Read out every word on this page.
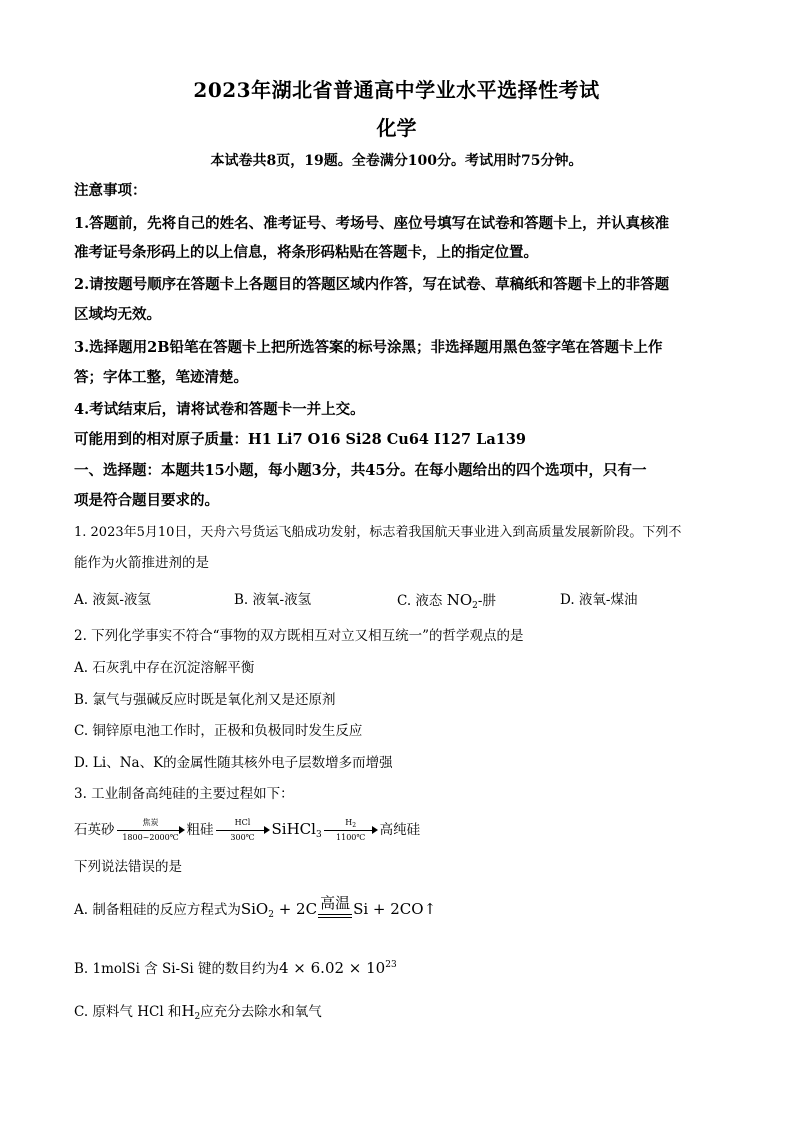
2023年湖北省普通高中学业水平选择性考试
化学
本试卷共8页，19题。全卷满分100分。考试用时75分钟。
注意事项：
1.答题前，先将自己的姓名、准考证号、考场号、座位号填写在试卷和答题卡上，并认真核准
准考证号条形码上的以上信息，将条形码粘贴在答题卡，上的指定位置。
2.请按题号顺序在答题卡上各题目的答题区域内作答，写在试卷、草稿纸和答题卡上的非答题
区域均无效。
3.选择题用2B铅笔在答题卡上把所选答案的标号涂黑；非选择题用黑色签字笔在答题卡上作
答；字体工整，笔迹清楚。
4.考试结束后，请将试卷和答题卡一并上交。
可能用到的相对原子质量：H1 Li7 O16 Si28 Cu64 I127 La139
一、选择题：本题共15小题，每小题3分，共45分。在每小题给出的四个选项中，只有一
项是符合题目要求的。
1. 2023年5月10日，天舟六号货运飞船成功发射，标志着我国航天事业进入到高质量发展新阶段。下列不
能作为火箭推进剂的是
A. 液氮-液氢	B. 液氧-液氢	C. 液态 $NO_2-$肼	D. 液氧-煤油
2. 下列化学事实不符合“事物的双方既相互对立又相互统一”的哲学观点的是
A. 石灰乳中存在沉淀溶解平衡
B. 氯气与强碱反应时既是氧化剂又是还原剂
C. 铜锌原电池工作时，正极和负极同时发生反应
D. Li、Na、K的金属性随其核外电子层数增多而增强
3. 工业制备高纯硅的主要过程如下：
石英砂	焦炭
1800~2000℃ 粗硅	HCl
300℃	SiHCl$_3$ $\frac{H_2}{1100℃}$ 高纯硅
下列说法错误的是
A. 制备粗硅的反应方程式为SiO$_2$ + 2C 高温 Si + 2CO↑
B. 1molSi 含 Si-Si 键的数目约为$4 \times 6.02 \times 10^{23}$
C. 原料气 HCl 和$H_2$应充分去除水和氧气
